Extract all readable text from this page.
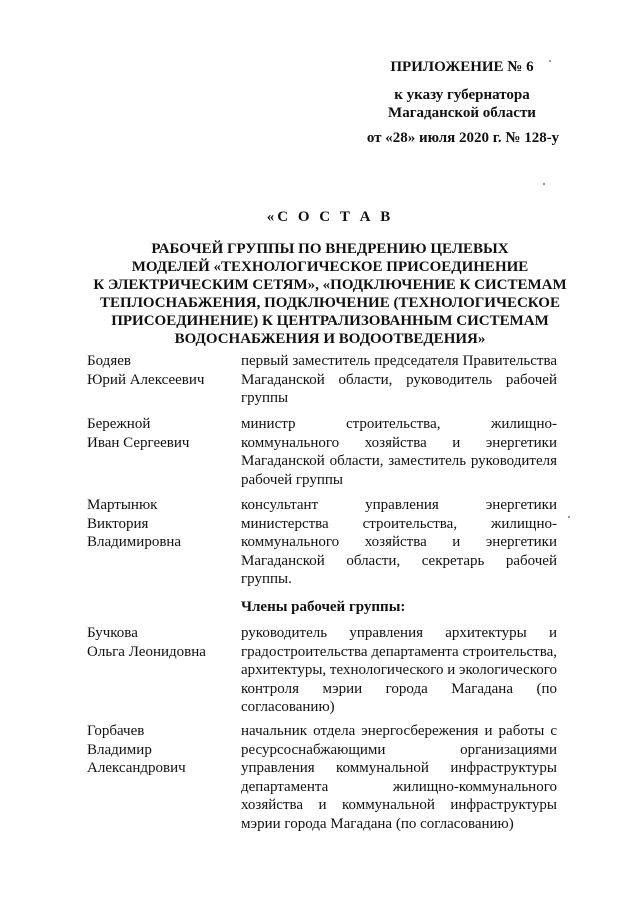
ПРИЛОЖЕНИЕ № 6
к указу губернатора
Магаданской области
от «28» июля 2020 г. № 128-у
«С О С Т А В
РАБОЧЕЙ ГРУППЫ ПО ВНЕДРЕНИЮ ЦЕЛЕВЫХ
МОДЕЛЕЙ «ТЕХНОЛОГИЧЕСКОЕ ПРИСОЕДИНЕНИЕ
К ЭЛЕКТРИЧЕСКИМ СЕТЯМ», «ПОДКЛЮЧЕНИЕ К СИСТЕМАМ
ТЕПЛОСНАБЖЕНИЯ, ПОДКЛЮЧЕНИЕ (ТЕХНОЛОГИЧЕСКОЕ
ПРИСОЕДИНЕНИЕ) К ЦЕНТРАЛИЗОВАННЫМ СИСТЕМАМ
ВОДОСНАБЖЕНИЯ И ВОДООТВЕДЕНИЯ»
Бодяев
Юрий Алексеевич
первый заместитель председателя Правительства Магаданской области, руководитель рабочей группы
Бережной
Иван Сергеевич
министр строительства, жилищно-коммунального хозяйства и энергетики Магаданской области, заместитель руководителя рабочей группы
Мартынюк
Виктория
Владимировна
консультант управления энергетики министерства строительства, жилищно-коммунального хозяйства и энергетики Магаданской области, секретарь рабочей группы.
Члены рабочей группы:
Бучкова
Ольга Леонидовна
руководитель управления архитектуры и градостроительства департамента строительства, архитектуры, технологического и экологического контроля мэрии города Магадана (по согласованию)
Горбачев
Владимир
Александрович
начальник отдела энергосбережения и работы с ресурсоснабжающими организациями управления коммунальной инфраструктуры департамента жилищно-коммунального хозяйства и коммунальной инфраструктуры мэрии города Магадана (по согласованию)
